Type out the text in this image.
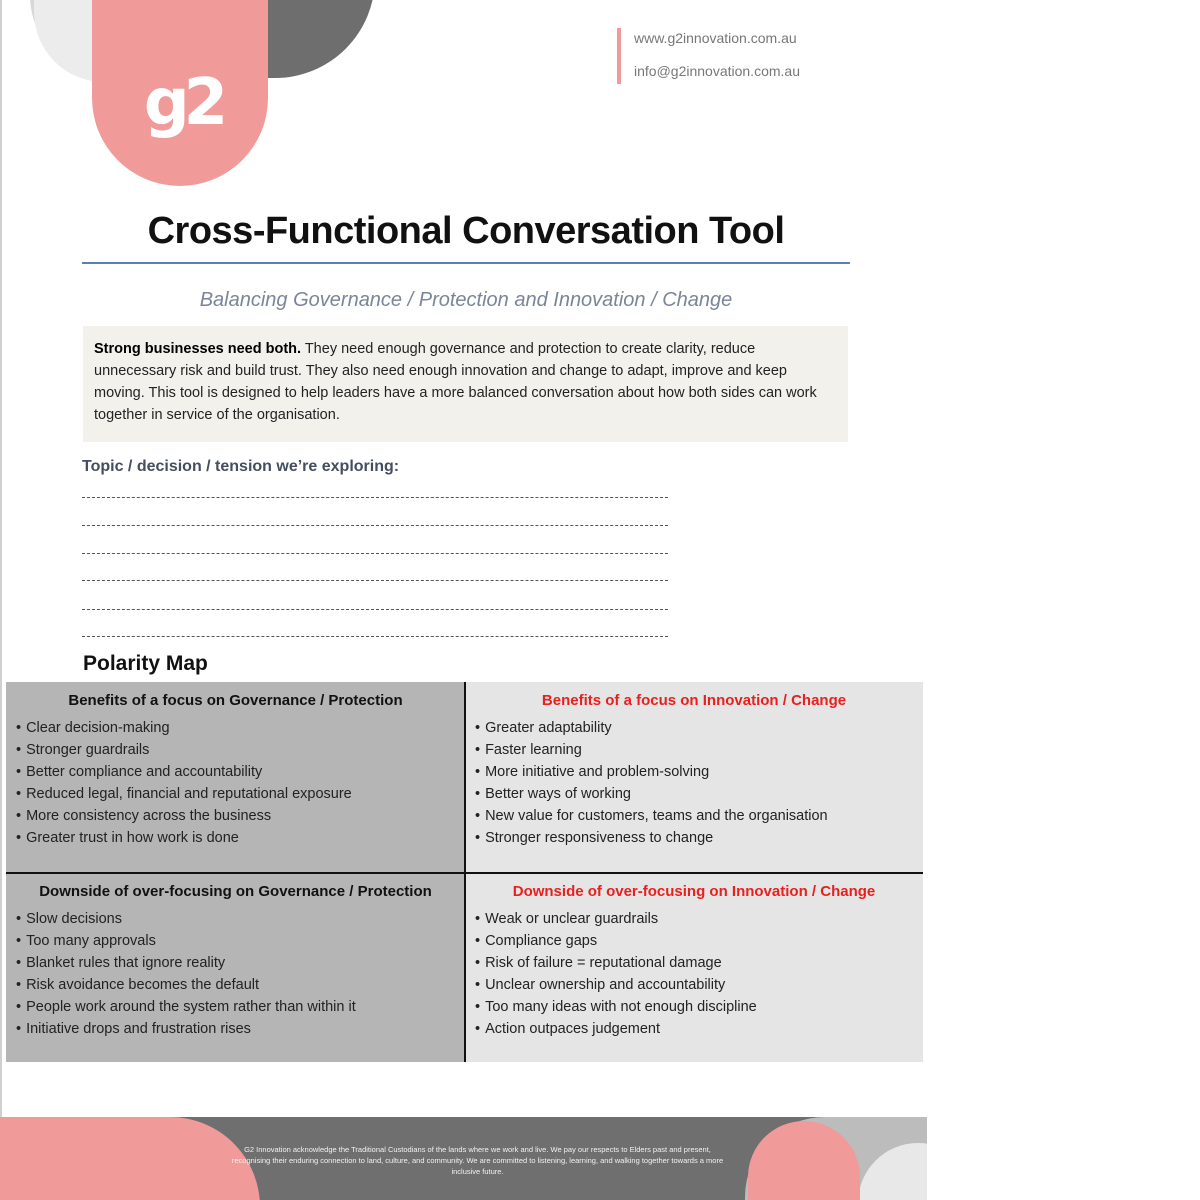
g2
www.g2innovation.com.au
info@g2innovation.com.au
Cross-Functional Conversation Tool
Balancing Governance / Protection and Innovation / Change
Strong businesses need both. They need enough governance and protection to create clarity, reduce unnecessary risk and build trust. They also need enough innovation and change to adapt, improve and keep moving. This tool is designed to help leaders have a more balanced conversation about how both sides can work together in service of the organisation.
Topic / decision / tension we’re exploring:
Polarity Map
Benefits of a focus on Governance / Protection
• Clear decision-making
• Stronger guardrails
• Better compliance and accountability
• Reduced legal, financial and reputational exposure
• More consistency across the business
• Greater trust in how work is done
Benefits of a focus on Innovation / Change
• Greater adaptability
• Faster learning
• More initiative and problem-solving
• Better ways of working
• New value for customers, teams and the organisation
• Stronger responsiveness to change
Downside of over-focusing on Governance / Protection
• Slow decisions
• Too many approvals
• Blanket rules that ignore reality
• Risk avoidance becomes the default
• People work around the system rather than within it
• Initiative drops and frustration rises
Downside of over-focusing on Innovation / Change
• Weak or unclear guardrails
• Compliance gaps
• Risk of failure = reputational damage
• Unclear ownership and accountability
• Too many ideas with not enough discipline
• Action outpaces judgement
G2 Innovation acknowledge the Traditional Custodians of the lands where we work and live. We pay our respects to Elders past and present, recognising their enduring connection to land, culture, and community. We are committed to listening, learning, and walking together towards a more inclusive future.
